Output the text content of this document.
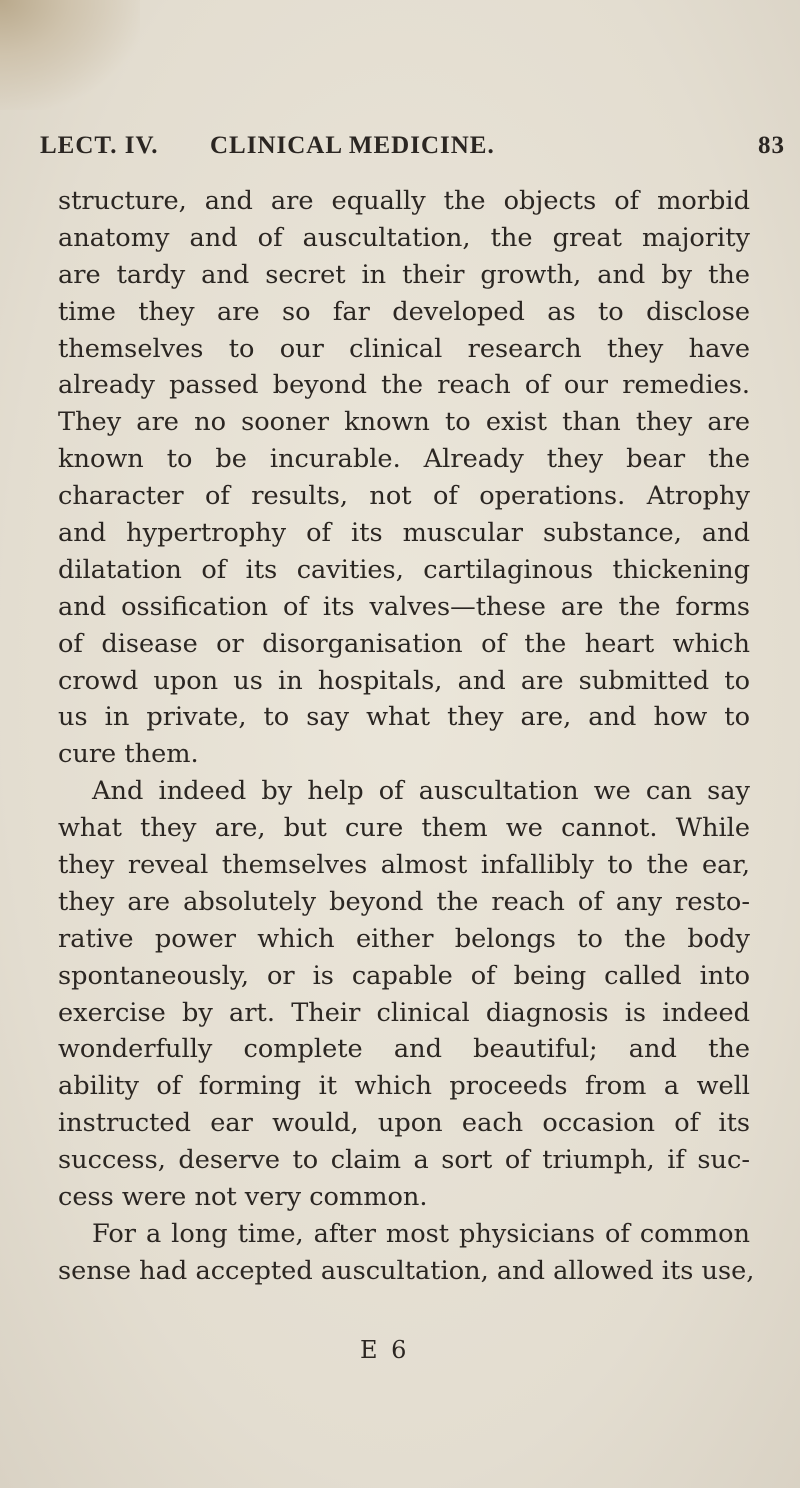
LECT. IV. CLINICAL MEDICINE.	83
structure, and are equally the objects of morbid
anatomy and of auscultation, the great majority
are tardy and secret in their growth, and by the
time they are so far developed as to disclose
themselves to our clinical research they have
already passed beyond the reach of our remedies.
They are no sooner known to exist than they are
known to be incurable. Already they bear the
character of results, not of operations. Atrophy
and hypertrophy of its muscular substance, and
dilatation of its cavities, cartilaginous thickening
and ossification of its valves—these are the forms
of disease or disorganisation of the heart which
crowd upon us in hospitals, and are submitted to
us in private, to say what they are, and how to
cure them.
And indeed by help of auscultation we can say
what they are, but cure them we cannot. While
they reveal themselves almost infallibly to the ear,
they are absolutely beyond the reach of any resto-
rative power which either belongs to the body
spontaneously, or is capable of being called into
exercise by art. Their clinical diagnosis is indeed
wonderfully complete and beautiful; and the
ability of forming it which proceeds from a well
instructed ear would, upon each occasion of its
success, deserve to claim a sort of triumph, if suc-
cess were not very common.
For a long time, after most physicians of common
sense had accepted auscultation, and allowed its use,
E 6
